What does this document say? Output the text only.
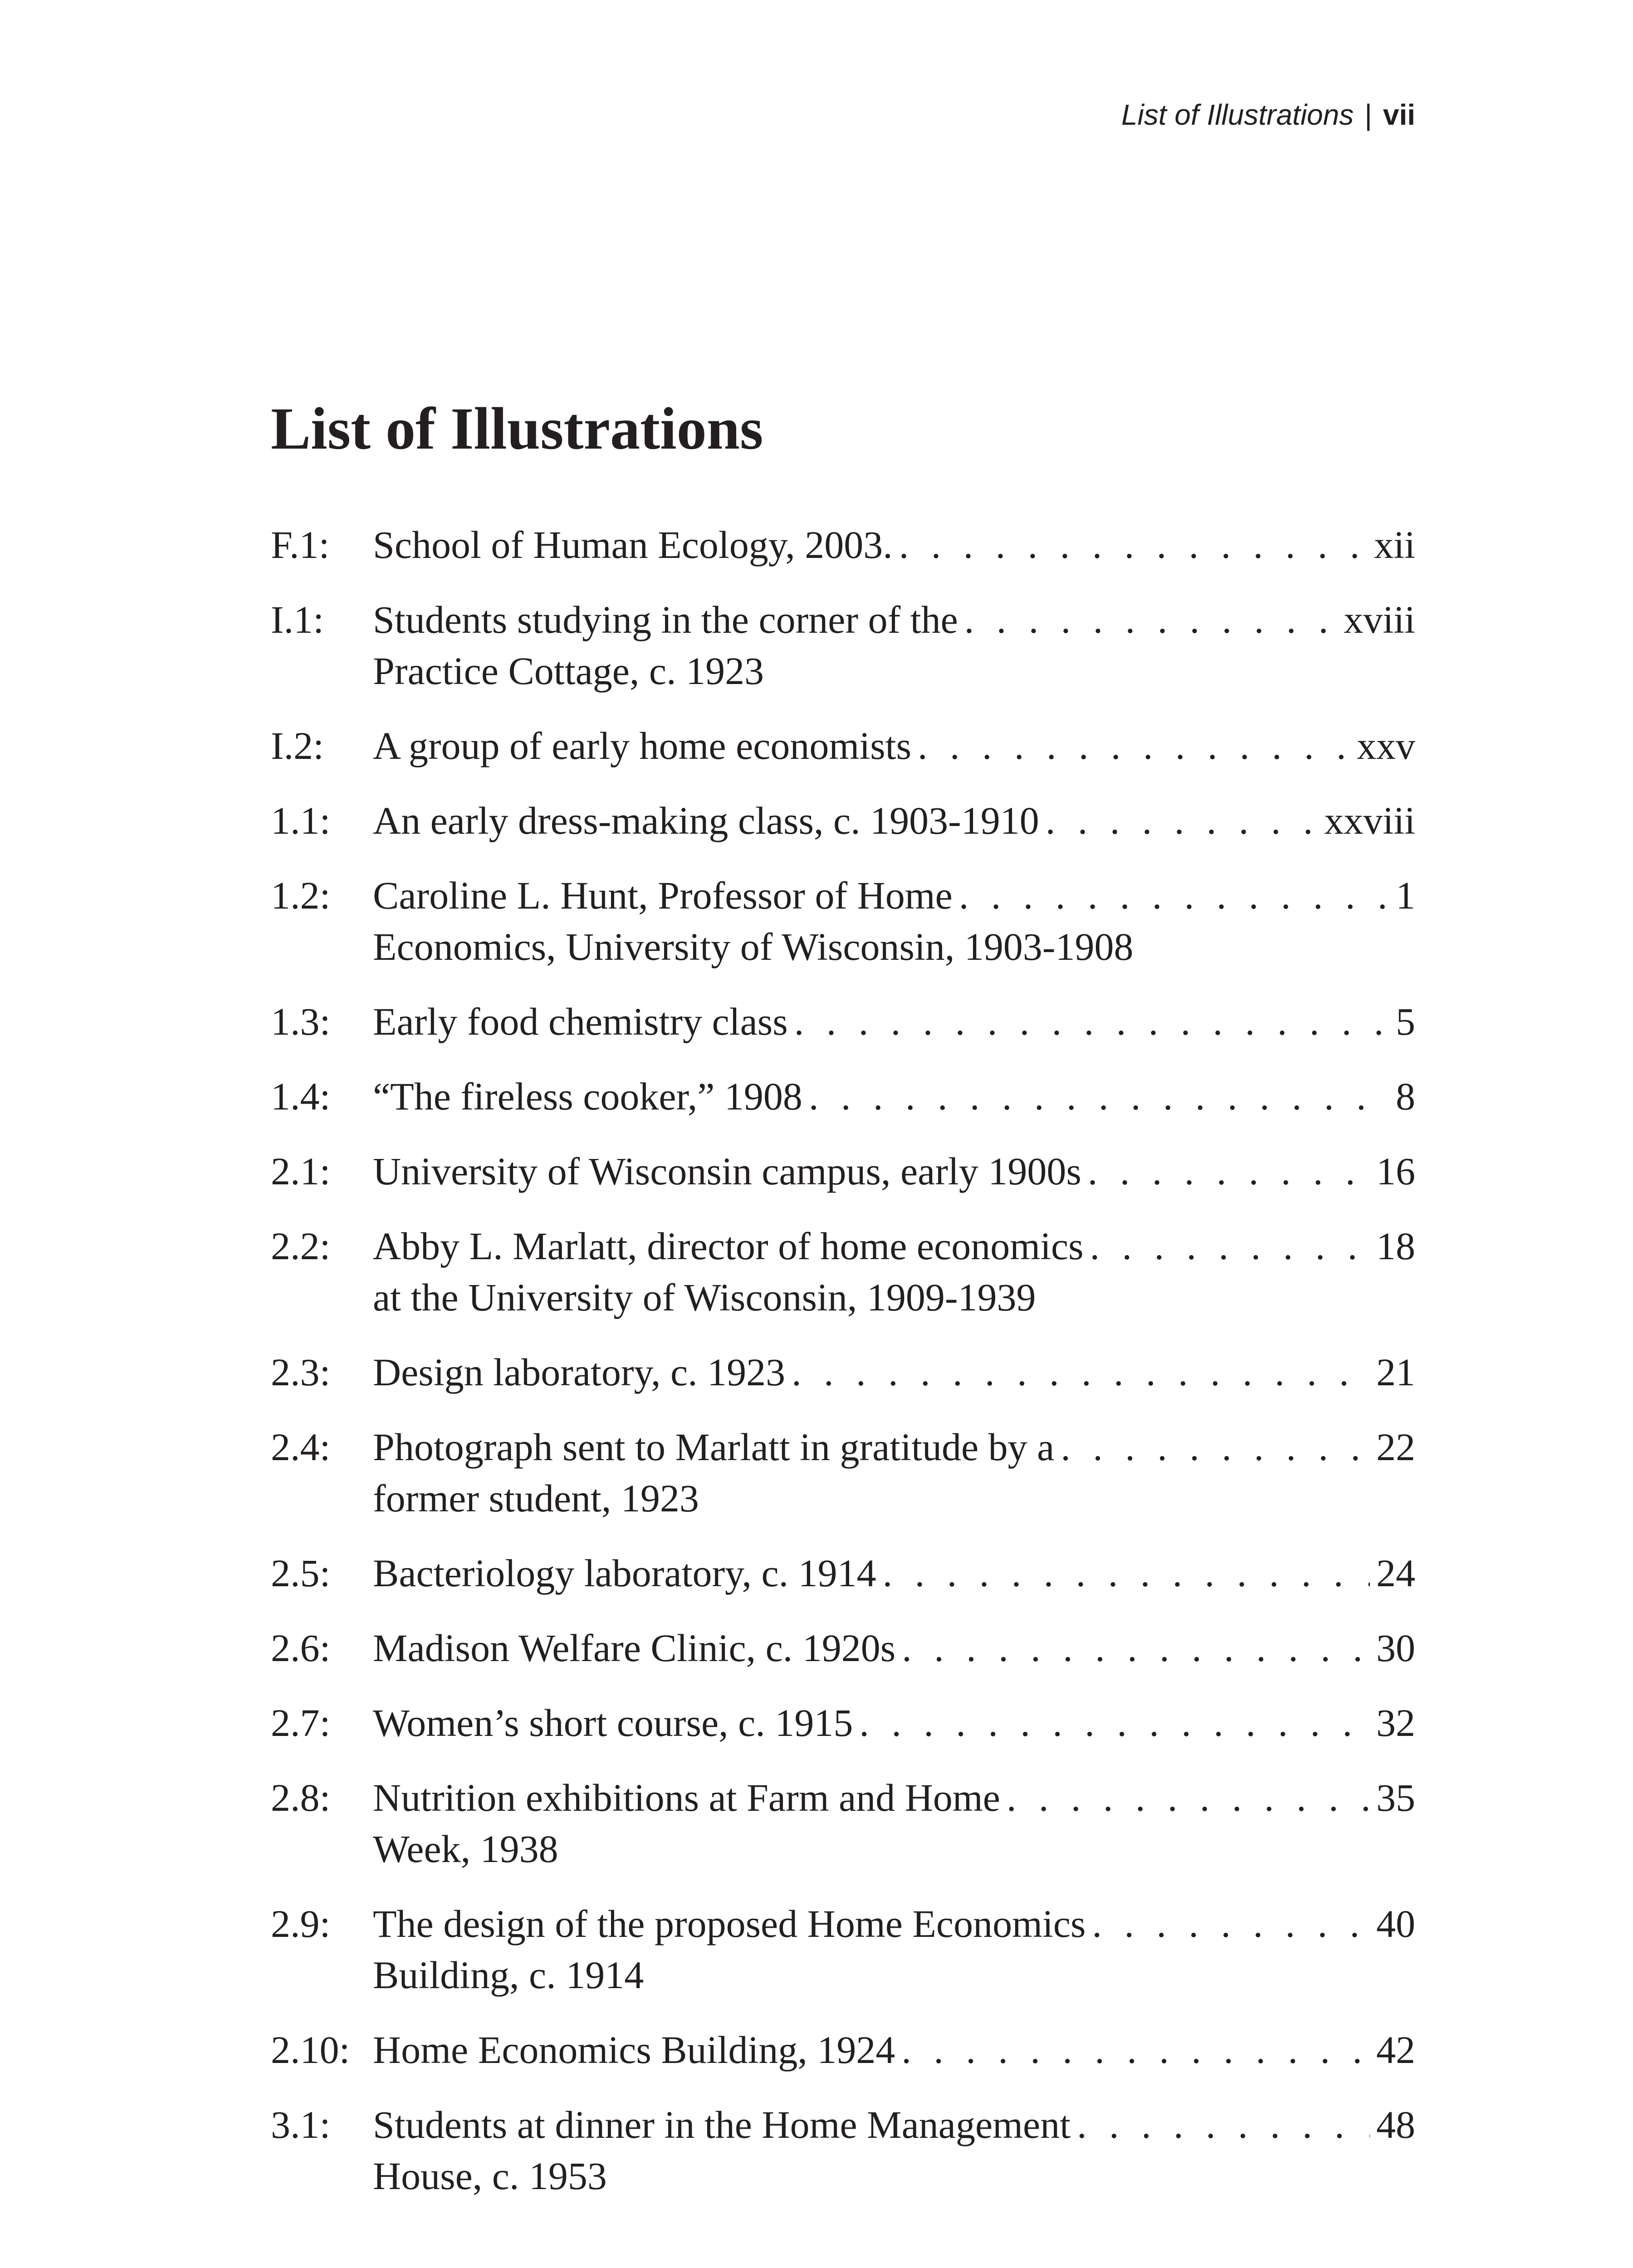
List of Illustrations | vii
List of Illustrations
F.1:	School of Human Ecology, 2003. . . .	xii
I.1:	Students studying in the corner of the . . .	xviii
Practice Cottage, c. 1923
I.2:	A group of early home economists . . .	xxv
1.1:	An early dress-making class, c. 1903-1910 . . .	xxviii
1.2:	Caroline L. Hunt, Professor of Home . . .	1
Economics, University of Wisconsin, 1903-1908
1.3:	Early food chemistry class . . .	5
1.4:	“The fireless cooker,” 1908 . . .	8
2.1:	University of Wisconsin campus, early 1900s . . .	16
2.2:	Abby L. Marlatt, director of home economics . . .	18
at the University of Wisconsin, 1909-1939
2.3:	Design laboratory, c. 1923 . . .	21
2.4:	Photograph sent to Marlatt in gratitude by a . . .	22
former student, 1923
2.5:	Bacteriology laboratory, c. 1914 . . .	24
2.6:	Madison Welfare Clinic, c. 1920s . . .	30
2.7:	Women’s short course, c. 1915 . . .	32
2.8:	Nutrition exhibitions at Farm and Home . . .	35
Week, 1938
2.9:	The design of the proposed Home Economics . . .	40
Building, c. 1914
2.10: Home Economics Building, 1924 . . .	42
3.1:	Students at dinner in the Home Management . . .	48
House, c. 1953
